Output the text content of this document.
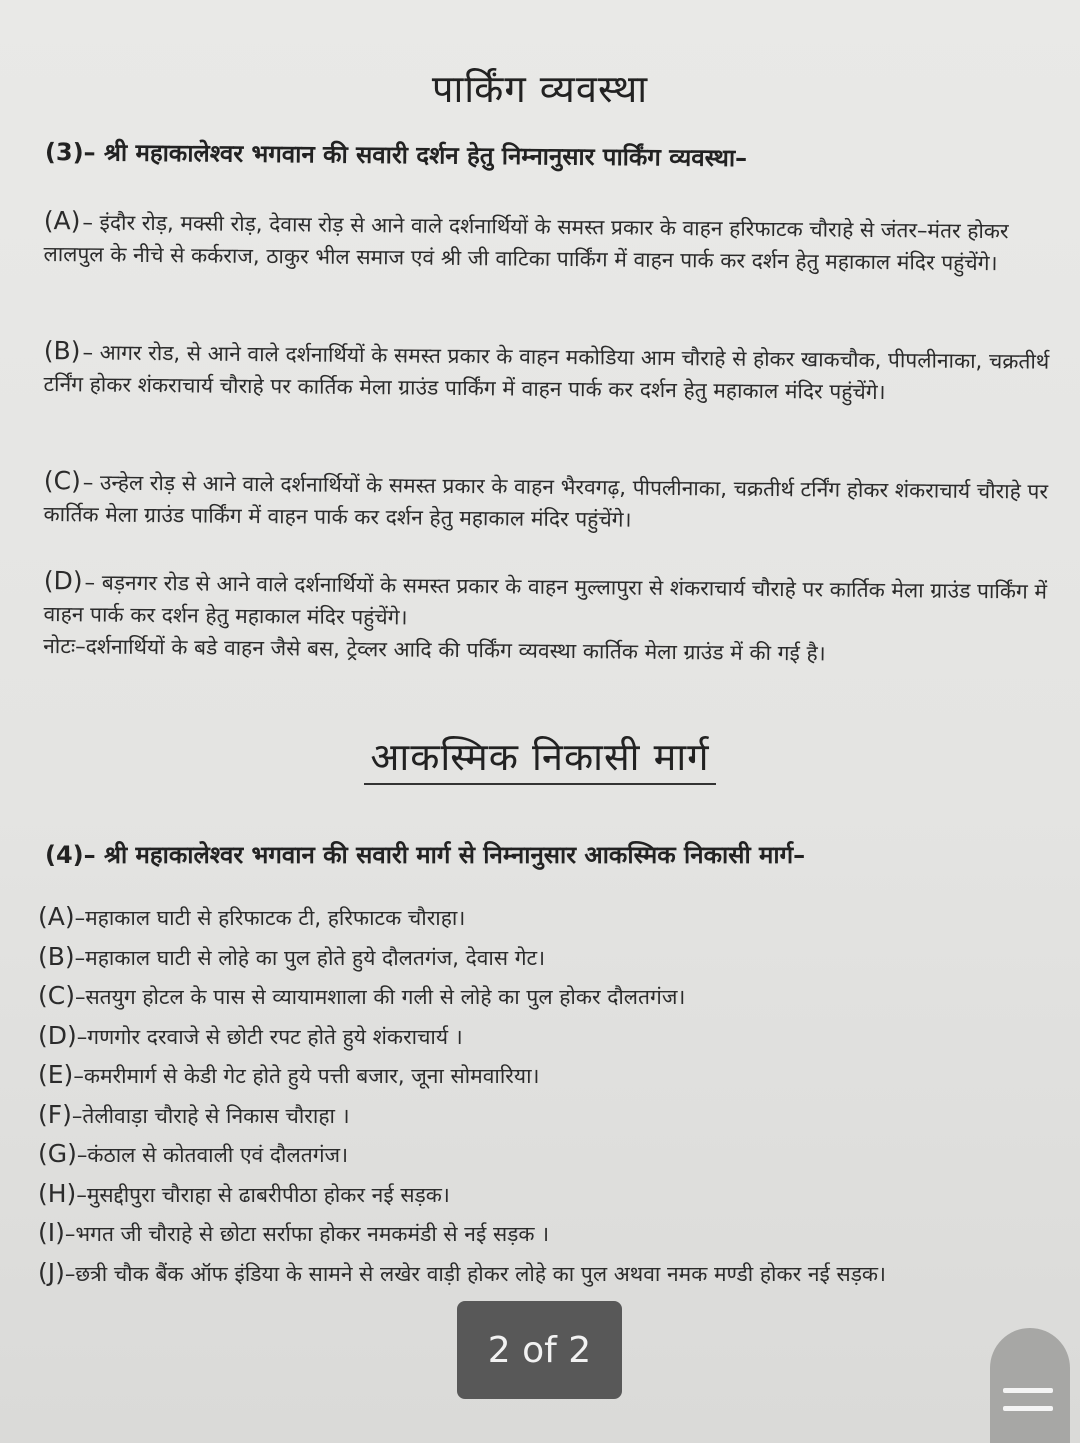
पार्किंग व्यवस्था
(3)– श्री महाकालेश्वर भगवान की सवारी दर्शन हेतु निम्नानुसार पार्किंग व्यवस्था–
(A)– इंदौर रोड़, मक्सी रोड़, देवास रोड़ से आने वाले दर्शनार्थियों के समस्त प्रकार के वाहन हरिफाटक चौराहे से जंतर–मंतर होकर लालपुल के नीचे से कर्कराज, ठाकुर भील समाज एवं श्री जी वाटिका पार्किंग में वाहन पार्क कर दर्शन हेतु महाकाल मंदिर पहुंचेंगे।
(B)– आगर रोड, से आने वाले दर्शनार्थियों के समस्त प्रकार के वाहन मकोडिया आम चौराहे से होकर खाकचौक, पीपलीनाका, चक्रतीर्थ टर्निंग होकर शंकराचार्य चौराहे पर कार्तिक मेला ग्राउंड पार्किंग में वाहन पार्क कर दर्शन हेतु महाकाल मंदिर पहुंचेंगे।
(C)– उन्हेल रोड़ से आने वाले दर्शनार्थियों के समस्त प्रकार के वाहन भैरवगढ़, पीपलीनाका, चक्रतीर्थ टर्निंग होकर शंकराचार्य चौराहे पर कार्तिक मेला ग्राउंड पार्किंग में वाहन पार्क कर दर्शन हेतु महाकाल मंदिर पहुंचेंगे।
(D)– बड़नगर रोड से आने वाले दर्शनार्थियों के समस्त प्रकार के वाहन मुल्लापुरा से शंकराचार्य चौराहे पर कार्तिक मेला ग्राउंड पार्किंग में वाहन पार्क कर दर्शन हेतु महाकाल मंदिर पहुंचेंगे।
नोटः–दर्शनार्थियों के बडे वाहन जैसे बस, ट्रेव्लर आदि की पर्किंग व्यवस्था कार्तिक मेला ग्राउंड में की गई है।
आकस्मिक निकासी मार्ग
(4)– श्री महाकालेश्वर भगवान की सवारी मार्ग से निम्नानुसार आकस्मिक निकासी मार्ग–
(A)–महाकाल घाटी से हरिफाटक टी, हरिफाटक चौराहा।
(B)–महाकाल घाटी से लोहे का पुल होते हुये दौलतगंज, देवास गेट।
(C)–सतयुग होटल के पास से व्यायामशाला की गली से लोहे का पुल होकर दौलतगंज।
(D)–गणगोर दरवाजे से छोटी रपट होते हुये शंकराचार्य ।
(E)–कमरीमार्ग से केडी गेट होते हुये पत्ती बजार, जूना सोमवारिया।
(F)–तेलीवाड़ा चौराहे से निकास चौराहा ।
(G)–कंठाल से कोतवाली एवं दौलतगंज।
(H)–मुसद्दीपुरा चौराहा से ढाबरीपीठा होकर नई सड़क।
(I)–भगत जी चौराहे से छोटा सर्राफा होकर नमकमंडी से नई सड़क ।
(J)–छत्री चौक बैंक ऑफ इंडिया के सामने से लखेर वाड़ी होकर लोहे का पुल अथवा नमक मण्डी होकर नई सड़क।
2 of 2
